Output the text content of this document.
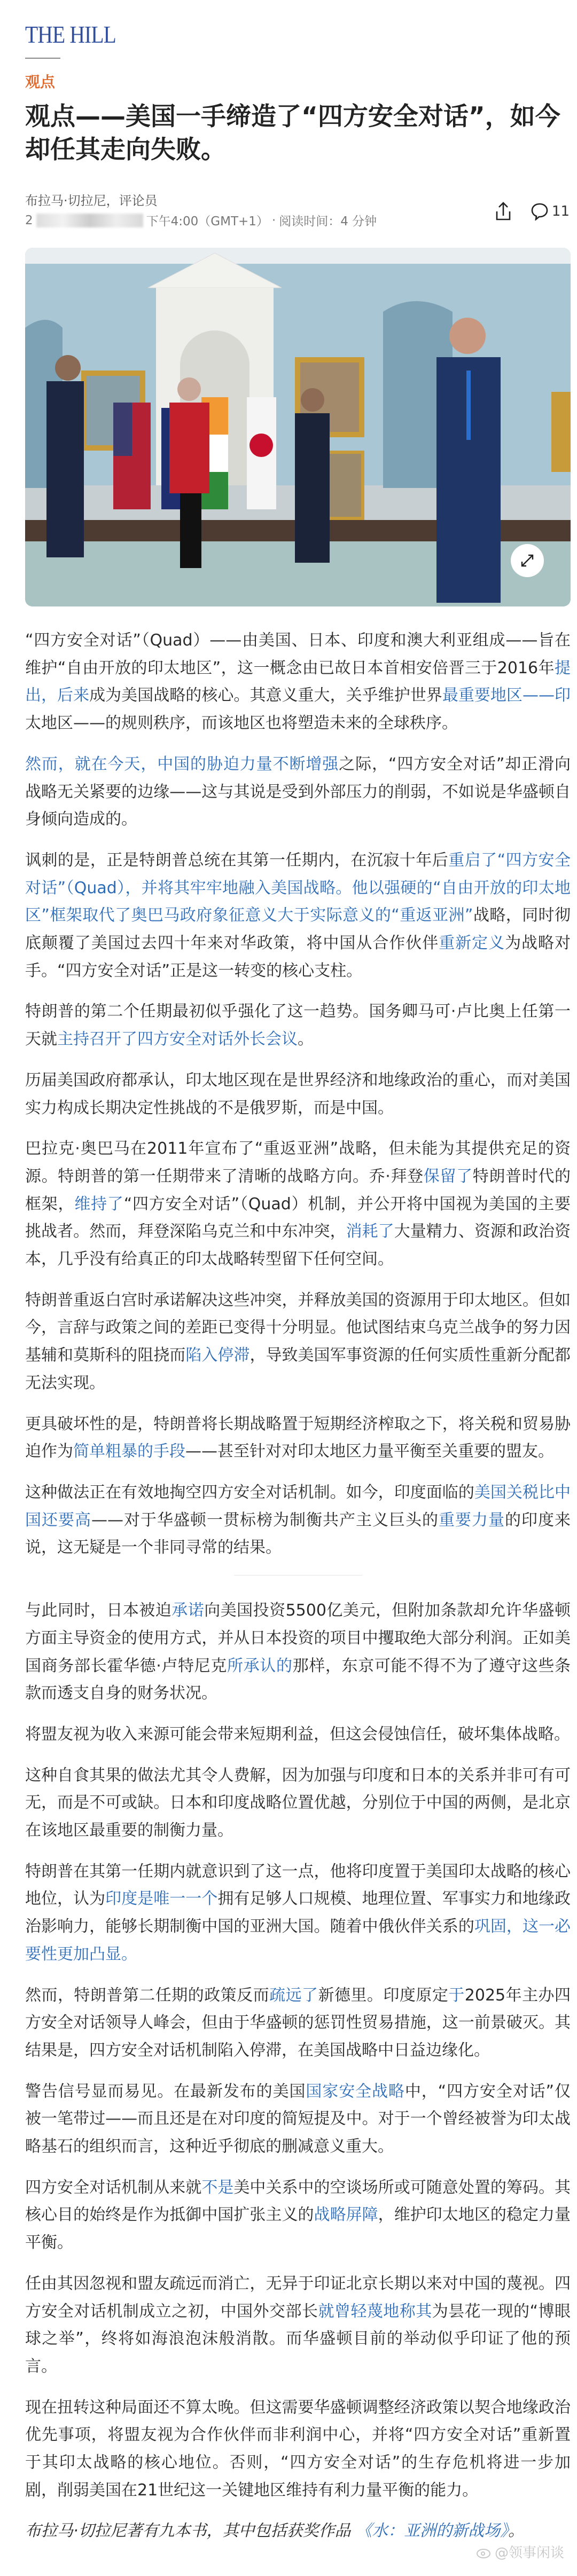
THE HILL
观点
观点——美国一手缔造了“四方安全对话”，如今却任其走向失败。
布拉马·切拉尼，评论员
2	下午4:00（GMT+1） · 阅读时间：4 分钟
11

“四方安全对话”（Quad）——由美国、日本、印度和澳大利亚组成——旨在维护“自由开放的印太地区”，这一概念由已故日本首相安倍晋三于2016年提出，后来成为美国战略的核心。其意义重大，关乎维护世界最重要地区——印太地区——的规则秩序，而该地区也将塑造未来的全球秩序。

然而，就在今天，中国的胁迫力量不断增强之际，“四方安全对话”却正滑向战略无关紧要的边缘——这与其说是受到外部压力的削弱，不如说是华盛顿自身倾向造成的。

讽刺的是，正是特朗普总统在其第一任期内，在沉寂十年后重启了“四方安全对话”（Quad），并将其牢牢地融入美国战略。他以强硬的“自由开放的印太地区”框架取代了奥巴马政府象征意义大于实际意义的“重返亚洲”战略，同时彻底颠覆了美国过去四十年来对华政策，将中国从合作伙伴重新定义为战略对手。“四方安全对话”正是这一转变的核心支柱。

特朗普的第二个任期最初似乎强化了这一趋势。国务卿马可·卢比奥上任第一天就主持召开了四方安全对话外长会议。

历届美国政府都承认，印太地区现在是世界经济和地缘政治的重心，而对美国实力构成长期决定性挑战的不是俄罗斯，而是中国。

巴拉克·奥巴马在2011年宣布了“重返亚洲”战略，但未能为其提供充足的资源。特朗普的第一任期带来了清晰的战略方向。乔·拜登保留了特朗普时代的框架，维持了“四方安全对话”（Quad）机制，并公开将中国视为美国的主要挑战者。然而，拜登深陷乌克兰和中东冲突，消耗了大量精力、资源和政治资本，几乎没有给真正的印太战略转型留下任何空间。

特朗普重返白宫时承诺解决这些冲突，并释放美国的资源用于印太地区。但如今，言辞与政策之间的差距已变得十分明显。他试图结束乌克兰战争的努力因基辅和莫斯科的阻挠而陷入停滞，导致美国军事资源的任何实质性重新分配都无法实现。

更具破坏性的是，特朗普将长期战略置于短期经济榨取之下，将关税和贸易胁迫作为简单粗暴的手段——甚至针对对印太地区力量平衡至关重要的盟友。

这种做法正在有效地掏空四方安全对话机制。如今，印度面临的美国关税比中国还要高——对于华盛顿一贯标榜为制衡共产主义巨头的重要力量的印度来说，这无疑是一个非同寻常的结果。

与此同时，日本被迫承诺向美国投资5500亿美元，但附加条款却允许华盛顿方面主导资金的使用方式，并从日本投资的项目中攫取绝大部分利润。正如美国商务部长霍华德·卢特尼克所承认的那样，东京可能不得不为了遵守这些条款而透支自身的财务状况。

将盟友视为收入来源可能会带来短期利益，但这会侵蚀信任，破坏集体战略。

这种自食其果的做法尤其令人费解，因为加强与印度和日本的关系并非可有可无，而是不可或缺。日本和印度战略位置优越，分别位于中国的两侧，是北京在该地区最重要的制衡力量。

特朗普在其第一任期内就意识到了这一点，他将印度置于美国印太战略的核心地位，认为印度是唯一一个拥有足够人口规模、地理位置、军事实力和地缘政治影响力，能够长期制衡中国的亚洲大国。随着中俄伙伴关系的巩固，这一必要性更加凸显。

然而，特朗普第二任期的政策反而疏远了新德里。印度原定于2025年主办四方安全对话领导人峰会，但由于华盛顿的惩罚性贸易措施，这一前景破灭。其结果是，四方安全对话机制陷入停滞，在美国战略中日益边缘化。

警告信号显而易见。在最新发布的美国国家安全战略中，“四方安全对话”仅被一笔带过——而且还是在对印度的简短提及中。对于一个曾经被誉为印太战略基石的组织而言，这种近乎彻底的删减意义重大。

四方安全对话机制从来就不是美中关系中的空谈场所或可随意处置的筹码。其核心目的始终是作为抵御中国扩张主义的战略屏障，维护印太地区的稳定力量平衡。

任由其因忽视和盟友疏远而消亡，无异于印证北京长期以来对中国的蔑视。四方安全对话机制成立之初，中国外交部长就曾轻蔑地称其为昙花一现的“博眼球之举”，终将如海浪泡沫般消散。而华盛顿目前的举动似乎印证了他的预言。

现在扭转这种局面还不算太晚。但这需要华盛顿调整经济政策以契合地缘政治优先事项，将盟友视为合作伙伴而非利润中心，并将“四方安全对话”重新置于其印太战略的核心地位。否则，“四方安全对话”的生存危机将进一步加剧，削弱美国在21世纪这一关键地区维持有利力量平衡的能力。

布拉马·切拉尼著有九本书，其中包括获奖作品 《水：亚洲的新战场》。

@领事闲谈
